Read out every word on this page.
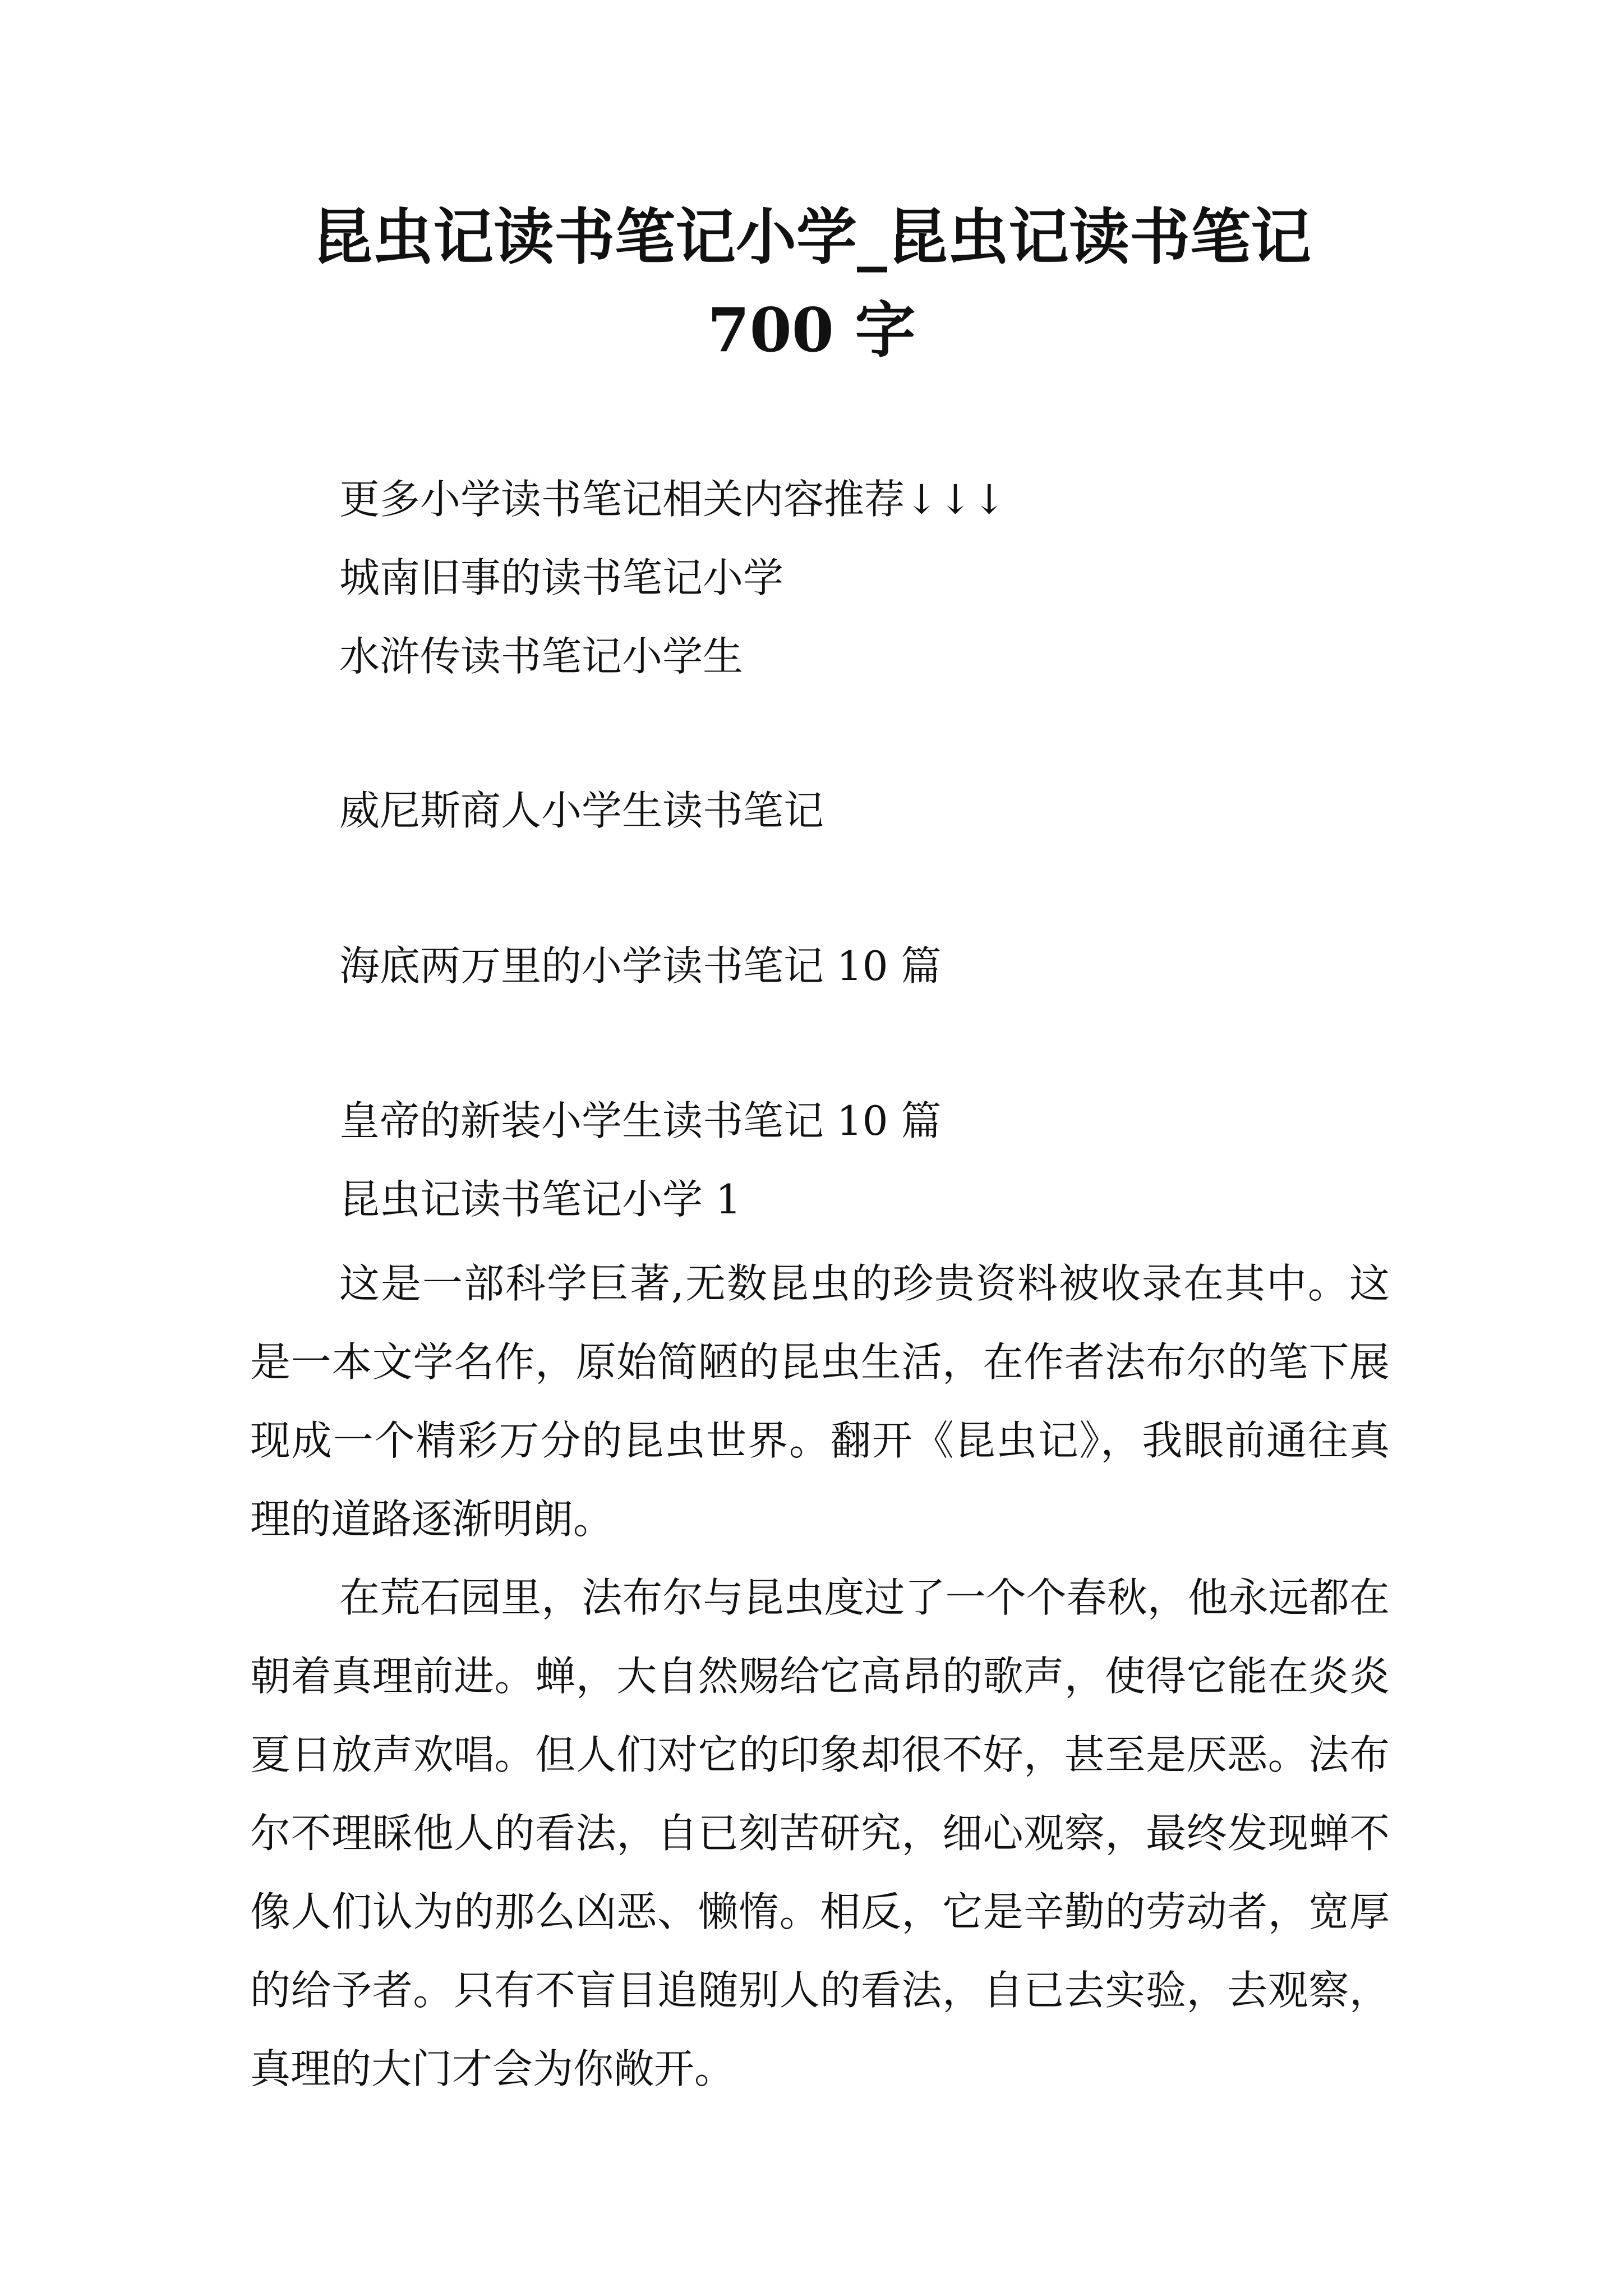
昆虫记读书笔记小学_昆虫记读书笔记 700 字
更多小学读书笔记相关内容推荐↓↓↓
城南旧事的读书笔记小学
水浒传读书笔记小学生
威尼斯商人小学生读书笔记
海底两万里的小学读书笔记 10 篇
皇帝的新装小学生读书笔记 10 篇
昆虫记读书笔记小学 1

这是一部科学巨著,无数昆虫的珍贵资料被收录在其中。这是一本文学名作，原始简陋的昆虫生活，在作者法布尔的笔下展现成一个精彩万分的昆虫世界。翻开《昆虫记》，我眼前通往真理的道路逐渐明朗。

在荒石园里，法布尔与昆虫度过了一个个春秋，他永远都在朝着真理前进。蝉，大自然赐给它高昂的歌声，使得它能在炎炎夏日放声欢唱。但人们对它的印象却很不好，甚至是厌恶。法布尔不理睬他人的看法，自已刻苦研究，细心观察，最终发现蝉不像人们认为的那么凶恶、懒惰。相反，它是辛勤的劳动者，宽厚的给予者。只有不盲目追随别人的看法，自已去实验，去观察，真理的大门才会为你敞开。
